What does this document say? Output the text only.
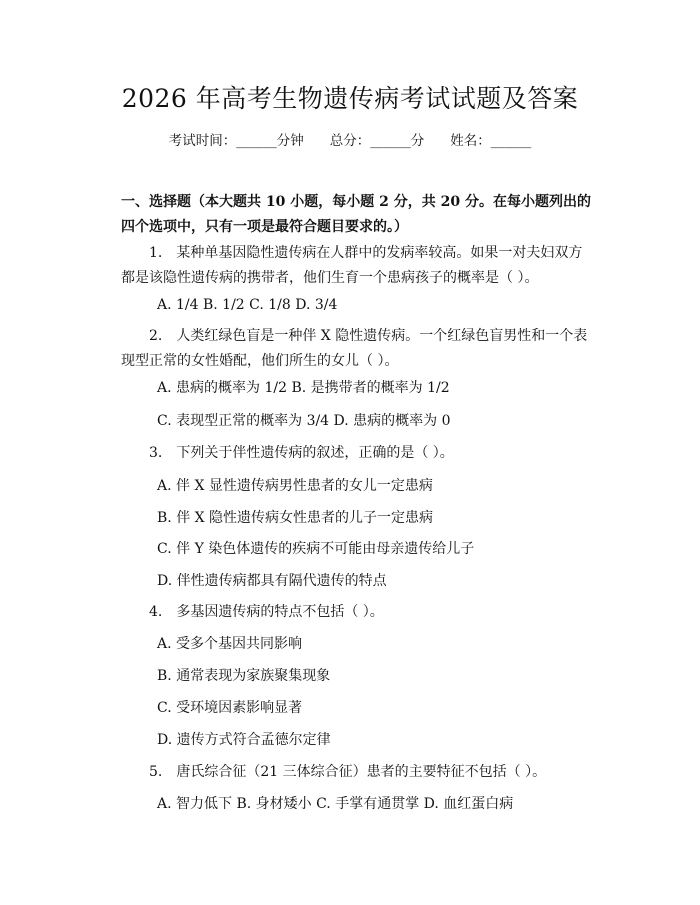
2026 年高考生物遗传病考试试题及答案
考试时间：______分钟 总分：______分 姓名：______
一、选择题（本大题共 10 小题，每小题 2 分，共 20 分。在每小题列出的四个选项中，只有一项是最符合题目要求的。）
1.　某种单基因隐性遗传病在人群中的发病率较高。如果一对夫妇双方都是该隐性遗传病的携带者，他们生育一个患病孩子的概率是（ ）。
A. 1/4 B. 1/2 C. 1/8 D. 3/4
2.　人类红绿色盲是一种伴 X 隐性遗传病。一个红绿色盲男性和一个表现型正常的女性婚配，他们所生的女儿（ ）。
A. 患病的概率为 1/2 B. 是携带者的概率为 1/2
C. 表现型正常的概率为 3/4 D. 患病的概率为 0
3.　下列关于伴性遗传病的叙述，正确的是（ ）。
A. 伴 X 显性遗传病男性患者的女儿一定患病
B. 伴 X 隐性遗传病女性患者的儿子一定患病
C. 伴 Y 染色体遗传的疾病不可能由母亲遗传给儿子
D. 伴性遗传病都具有隔代遗传的特点
4.　多基因遗传病的特点不包括（ ）。
A. 受多个基因共同影响
B. 通常表现为家族聚集现象
C. 受环境因素影响显著
D. 遗传方式符合孟德尔定律
5.　唐氏综合征（21 三体综合征）患者的主要特征不包括（ ）。
A. 智力低下 B. 身材矮小 C. 手掌有通贯掌 D. 血红蛋白病
